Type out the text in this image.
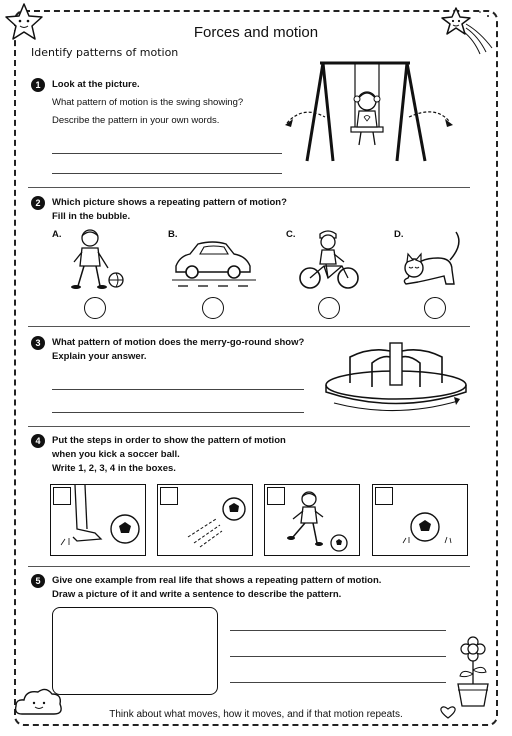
Forces and motion
Identify patterns of motion
1	Look at the picture.
What pattern of motion is the swing showing?
Describe the pattern in your own words.
2	Which picture shows a repeating pattern of motion?
Fill in the bubble.
A.	B.	C.	D.
3	What pattern of motion does the merry-go-round show?
Explain your answer.
4	Put the steps in order to show the pattern of motion
when you kick a soccer ball.
Write 1, 2, 3, 4 in the boxes.
5	Give one example from real life that shows a repeating pattern of motion.
Draw a picture of it and write a sentence to describe the pattern.
Think about what moves, how it moves, and if that motion repeats.
